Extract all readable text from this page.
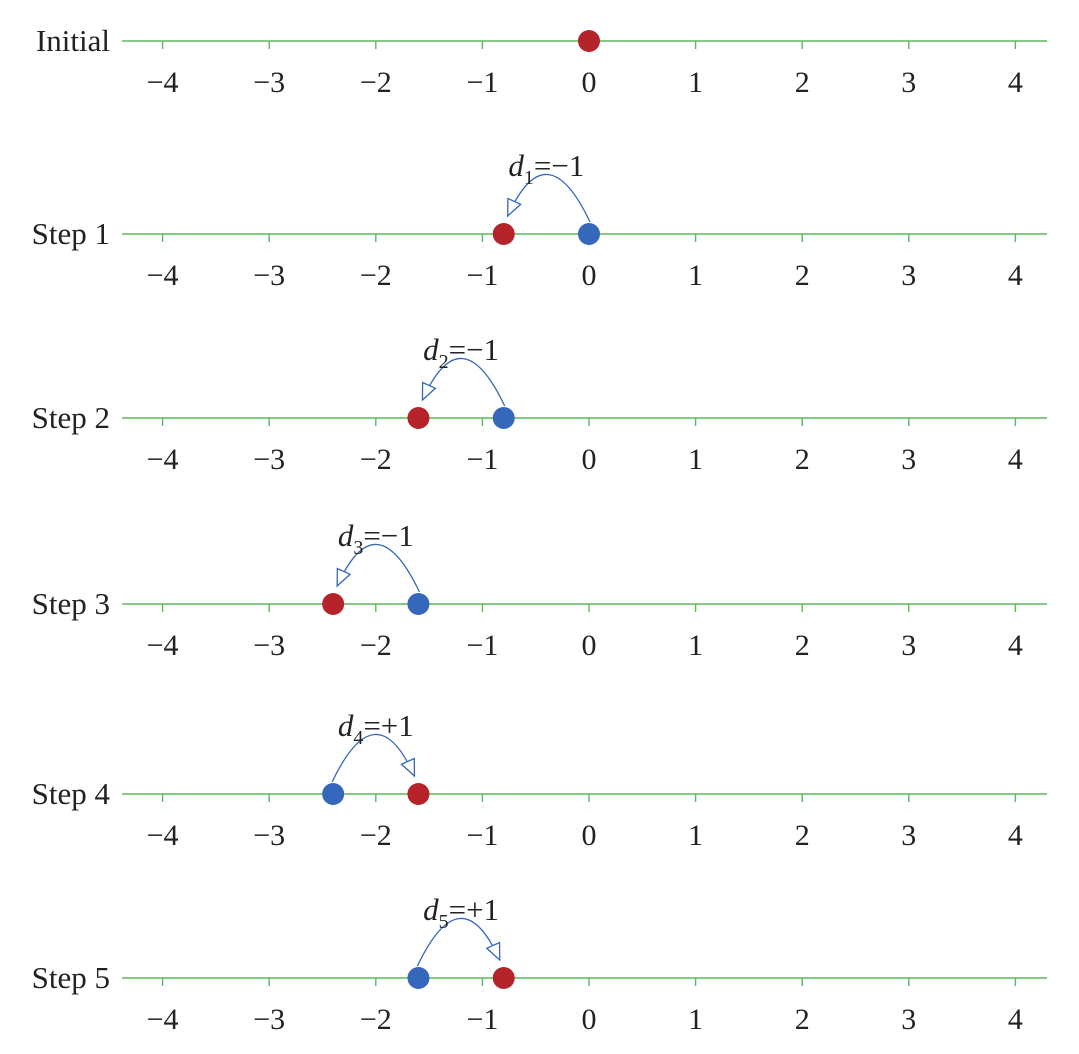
Initial
−4 −3 −2 −1	0	1	2	3	4
Step 1
−4 −3 −2 −1	0	1	2	3	4
$d_1=-1$
Step 2
−4 −3 −2 −1	0	1	2	3	4
$d_2=-1$
Step 3
−4 −3 −2 −1	0	1	2	3	4
$d_3=-1$
Step 4
−4 −3 −2 −1	0	1	2	3	4
$d_4=+1$
Step 5
−4 −3 −2 −1	0	1	2	3	4
$d_5=+1$
